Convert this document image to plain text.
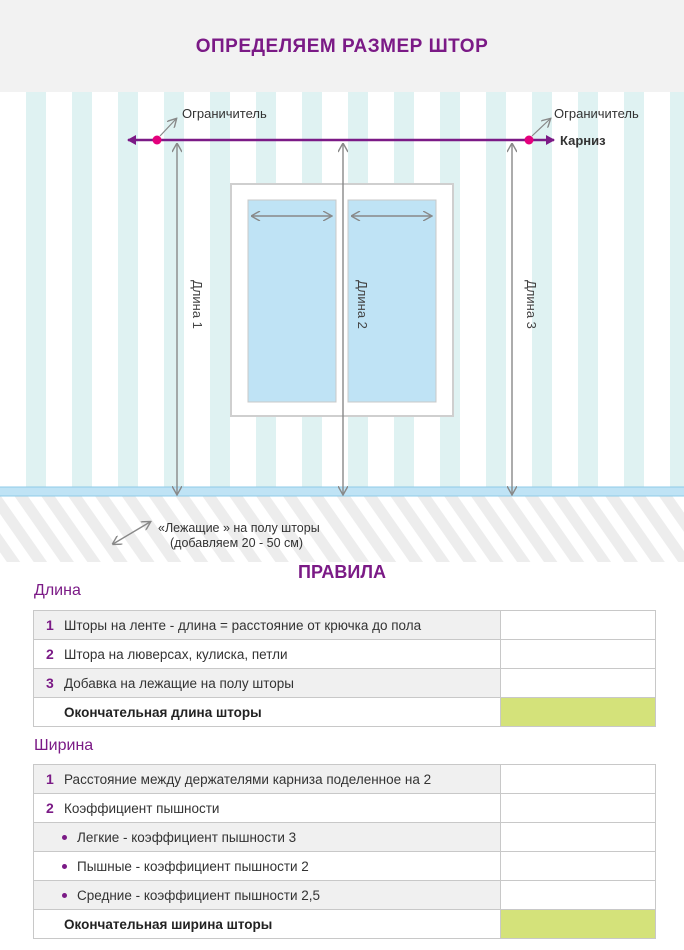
ОПРЕДЕЛЯЕМ РАЗМЕР ШТОР
Ограничитель	Ограничитель
Карниз
Длина 1	Длина 2	Длина 3
«Лежащие » на полу шторы
(добавляем 20 - 50 см)
ПРАВИЛА
Длина
1 Шторы на ленте - длина = расстояние от крючка до пола
2 Штора на люверсах, кулиска, петли
3 Добавка на лежащие на полу шторы
Окончательная длина шторы
Ширина
1 Расстояние между держателями карниза поделенное на 2
2 Коэффициент пышности
Легкие - коэффициент пышности 3
Пышные - коэффициент пышности 2
Средние - коэффициент пышности 2,5
Окончательная ширина шторы
